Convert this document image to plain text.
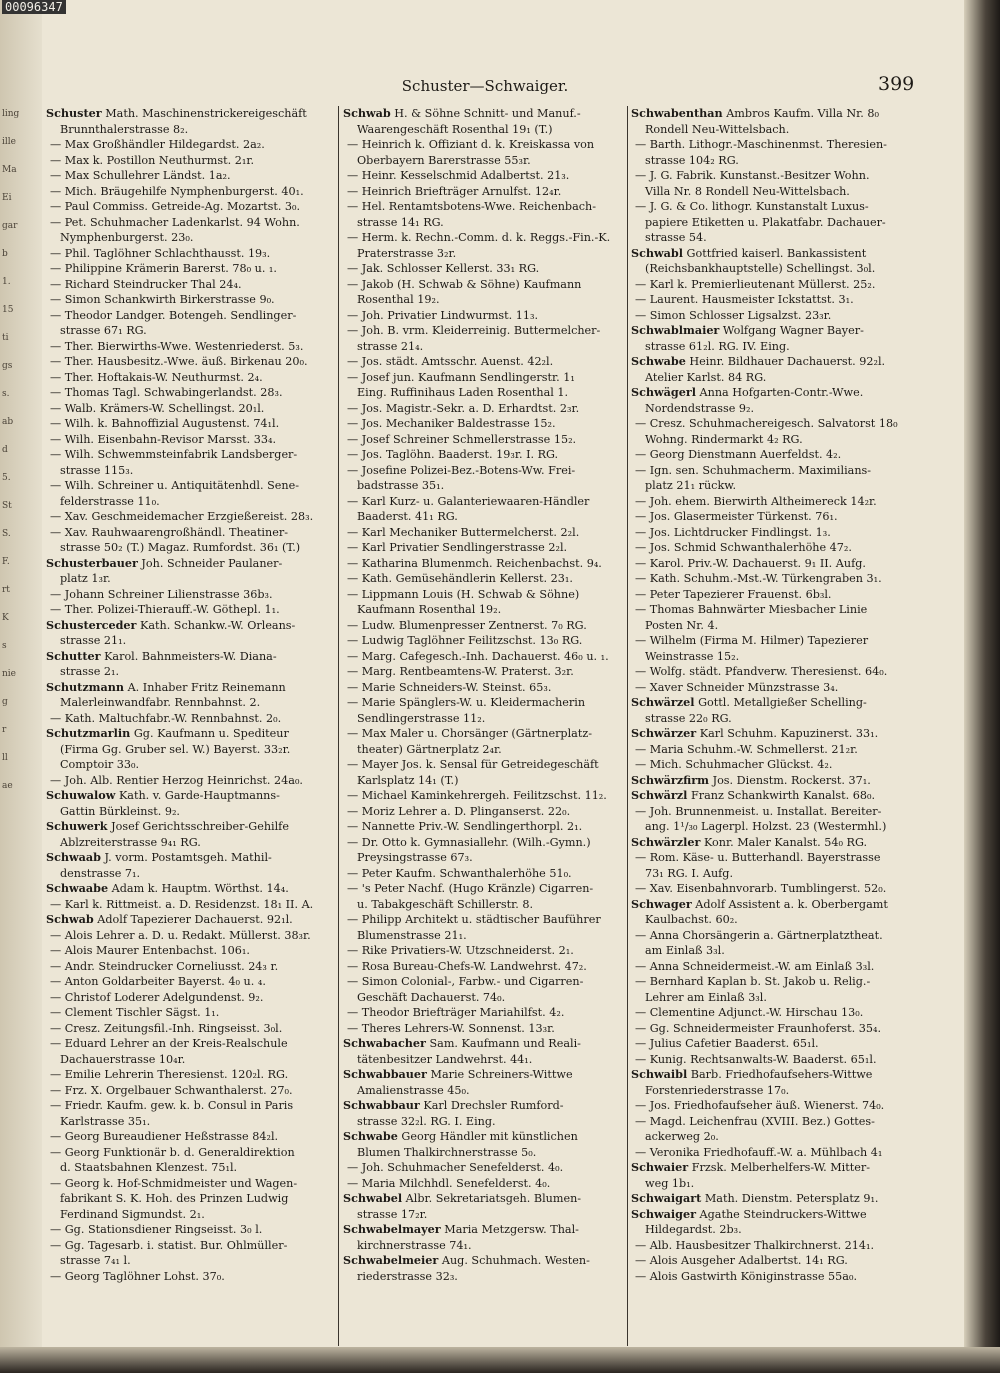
00096347
ling
ille
Ma
Ei
gar
b
1.
15
ti
gs
s.
ab
d
5.
St
S.
F.
rt
K
s
nie
g
r
ll
ae
Schuster—Schwaiger.	399

Schuster Math. Maschinenstrickereigeschäft

Brunnthalerstrasse 8₂.

— Max Großhändler Hildegardst. 2a₂.

— Max k. Postillon Neuthurmst. 2₁r.

— Max Schullehrer Ländst. 1a₂.

— Mich. Bräugehilfe Nymphenburgerst. 40₁.

— Paul Commiss. Getreide-Ag. Mozartst. 3₀.

— Pet. Schuhmacher Ladenkarlst. 94 Wohn.

Nymphenburgerst. 23₀.

— Phil. Taglöhner Schlachthausst. 19₃.

— Philippine Krämerin Barerst. 78₀ u. ₁.

— Richard Steindrucker Thal 24₄.

— Simon Schankwirth Birkerstrasse 9₀.

— Theodor Landger. Botengeh. Sendlinger-

strasse 67₁ RG.

— Ther. Bierwirths-Wwe. Westenriederst. 5₃.

— Ther. Hausbesitz.-Wwe. äuß. Birkenau 20₀.

— Ther. Hoftakais-W. Neuthurmst. 2₄.

— Thomas Tagl. Schwabingerlandst. 28₃.

— Walb. Krämers-W. Schellingst. 20₁l.

— Wilh. k. Bahnoffizial Augustenst. 74₁l.

— Wilh. Eisenbahn-Revisor Marsst. 33₄.

— Wilh. Schwemmsteinfabrik Landsberger-

strasse 115₃.

— Wilh. Schreiner u. Antiquitätenhdl. Sene-

felderstrasse 11₀.

— Xav. Geschmeidemacher Erzgießereist. 28₃.

— Xav. Rauhwaarengroßhändl. Theatiner-

strasse 50₂ (T.) Magaz. Rumfordst. 36₁ (T.)

Schusterbauer Joh. Schneider Paulaner-

platz 1₃r.

— Johann Schreiner Lilienstrasse 36b₃.

— Ther. Polizei-Thierauff.-W. Göthepl. 1₁.

Schusterceder Kath. Schankw.-W. Orleans-

strasse 21₁.

Schutter Karol. Bahnmeisters-W. Diana-

strasse 2₁.

Schutzmann A. Inhaber Fritz Reinemann

Malerleinwandfabr. Rennbahnst. 2.

— Kath. Maltuchfabr.-W. Rennbahnst. 2₀.

Schutzmarlin Gg. Kaufmann u. Spediteur

(Firma Gg. Gruber sel. W.) Bayerst. 33₂r.

Comptoir 33₀.

— Joh. Alb. Rentier Herzog Heinrichst. 24a₀.

Schuwalow Kath. v. Garde-Hauptmanns-

Gattin Bürkleinst. 9₂.

Schuwerk Josef Gerichtsschreiber-Gehilfe

Ablzreiterstrasse 9₄₁ RG.

Schwaab J. vorm. Postamtsgeh. Mathil-

denstrasse 7₁.

Schwaabe Adam k. Hauptm. Wörthst. 14₄.

— Karl k. Rittmeist. a. D. Residenzst. 18₁ II. A.

Schwab Adolf Tapezierer Dachauerst. 92₁l.

— Alois Lehrer a. D. u. Redakt. Müllerst. 38₃r.

— Alois Maurer Entenbachst. 106₁.

— Andr. Steindrucker Corneliusst. 24₃ r.

— Anton Goldarbeiter Bayerst. 4₀ u. ₄.

— Christof Loderer Adelgundenst. 9₂.

— Clement Tischler Sägst. 1₁.

— Cresz. Zeitungsfil.-Inh. Ringseisst. 3₀l.

— Eduard Lehrer an der Kreis-Realschule

Dachauerstrasse 10₄r.

— Emilie Lehrerin Theresienst. 120₂l. RG.

— Frz. X. Orgelbauer Schwanthalerst. 27₀.

— Friedr. Kaufm. gew. k. b. Consul in Paris

Karlstrasse 35₁.

— Georg Bureaudiener Heßstrasse 84₂l.

— Georg Funktionär b. d. Generaldirektion

d. Staatsbahnen Klenzest. 75₁l.

— Georg k. Hof-Schmidmeister und Wagen-

fabrikant S. K. Hoh. des Prinzen Ludwig

Ferdinand Sigmundst. 2₁.

— Gg. Stationsdiener Ringseisst. 3₀ l.

— Gg. Tagesarb. i. statist. Bur. Ohlmüller-

strasse 7₄₁ l.

— Georg Taglöhner Lohst. 37₀.

Schwab H. & Söhne Schnitt- und Manuf.-

Waarengeschäft Rosenthal 19₁ (T.)

— Heinrich k. Offiziant d. k. Kreiskassa von

Oberbayern Barerstrasse 55₃r.

— Heinr. Kesselschmid Adalbertst. 21₃.

— Heinrich Briefträger Arnulfst. 12₄r.

— Hel. Rentamtsbotens-Wwe. Reichenbach-

strasse 14₁ RG.

— Herm. k. Rechn.-Comm. d. k. Reggs.-Fin.-K.

Praterstrasse 3₂r.

— Jak. Schlosser Kellerst. 33₁ RG.

— Jakob (H. Schwab & Söhne) Kaufmann

Rosenthal 19₂.

— Joh. Privatier Lindwurmst. 11₃.

— Joh. B. vrm. Kleiderreinig. Buttermelcher-

strasse 21₄.

— Jos. städt. Amtsschr. Auenst. 42₂l.

— Josef jun. Kaufmann Sendlingerstr. 1₁

Eing. Ruffinihaus Laden Rosenthal 1.

— Jos. Magistr.-Sekr. a. D. Erhardtst. 2₃r.

— Jos. Mechaniker Baldestrasse 15₂.

— Josef Schreiner Schmellerstrasse 15₂.

— Jos. Taglöhn. Baaderst. 19₃r. I. RG.

— Josefine Polizei-Bez.-Botens-Ww. Frei-

badstrasse 35₁.

— Karl Kurz- u. Galanteriewaaren-Händler

Baaderst. 41₁ RG.

— Karl Mechaniker Buttermelcherst. 2₂l.

— Karl Privatier Sendlingerstrasse 2₂l.

— Katharina Blumenmch. Reichenbachst. 9₄.

— Kath. Gemüsehändlerin Kellerst. 23₁.

— Lippmann Louis (H. Schwab & Söhne)

Kaufmann Rosenthal 19₂.

— Ludw. Blumenpresser Zentnerst. 7₀ RG.

— Ludwig Taglöhner Feilitzschst. 13₀ RG.

— Marg. Cafegesch.-Inh. Dachauerst. 46₀ u. ₁.

— Marg. Rentbeamtens-W. Praterst. 3₂r.

— Marie Schneiders-W. Steinst. 65₃.

— Marie Spänglers-W. u. Kleidermacherin

Sendlingerstrasse 11₂.

— Max Maler u. Chorsänger (Gärtnerplatz-

theater) Gärtnerplatz 2₄r.

— Mayer Jos. k. Sensal für Getreidegeschäft

Karlsplatz 14₁ (T.)

— Michael Kaminkehrergeh. Feilitzschst. 11₂.

— Moriz Lehrer a. D. Plinganserst. 22₀.

— Nannette Priv.-W. Sendlingerthorpl. 2₁.

— Dr. Otto k. Gymnasiallehr. (Wilh.-Gymn.)

Preysingstrasse 67₃.

— Peter Kaufm. Schwanthalerhöhe 51₀.

— 's Peter Nachf. (Hugo Kränzle) Cigarren-

u. Tabakgeschäft Schillerstr. 8.

— Philipp Architekt u. städtischer Bauführer

Blumenstrasse 21₁.

— Rike Privatiers-W. Utzschneiderst. 2₁.

— Rosa Bureau-Chefs-W. Landwehrst. 47₂.

— Simon Colonial-, Farbw.- und Cigarren-

Geschäft Dachauerst. 74₀.

— Theodor Briefträger Mariahilfst. 4₂.

— Theres Lehrers-W. Sonnenst. 13₃r.

Schwabacher Sam. Kaufmann und Reali-

tätenbesitzer Landwehrst. 44₁.

Schwabbauer Marie Schreiners-Wittwe

Amalienstrasse 45₀.

Schwabbaur Karl Drechsler Rumford-

strasse 32₂l. RG. I. Eing.

Schwabe Georg Händler mit künstlichen

Blumen Thalkirchnerstrasse 5₀.

— Joh. Schuhmacher Senefelderst. 4₀.

— Maria Milchhdl. Senefelderst. 4₀.

Schwabel Albr. Sekretariatsgeh. Blumen-

strasse 17₂r.

Schwabelmayer Maria Metzgersw. Thal-

kirchnerstrasse 74₁.

Schwabelmeier Aug. Schuhmach. Westen-

riederstrasse 32₃.

Schwabenthan Ambros Kaufm. Villa Nr. 8₀

Rondell Neu-Wittelsbach.

— Barth. Lithogr.-Maschinenmst. Theresien-

strasse 104₂ RG.

— J. G. Fabrik. Kunstanst.-Besitzer Wohn.

Villa Nr. 8 Rondell Neu-Wittelsbach.

— J. G. & Co. lithogr. Kunstanstalt Luxus-

papiere Etiketten u. Plakatfabr. Dachauer-

strasse 54.

Schwabl Gottfried kaiserl. Bankassistent

(Reichsbankhauptstelle) Schellingst. 3₀l.

— Karl k. Premierlieutenant Müllerst. 25₂.

— Laurent. Hausmeister Ickstattst. 3₁.

— Simon Schlosser Ligsalzst. 23₃r.

Schwablmaier Wolfgang Wagner Bayer-

strasse 61₂l. RG. IV. Eing.

Schwabe Heinr. Bildhauer Dachauerst. 92₂l.

Atelier Karlst. 84 RG.

Schwägerl Anna Hofgarten-Contr.-Wwe.

Nordendstrasse 9₂.

— Cresz. Schuhmachereigesch. Salvatorst 18₀

Wohng. Rindermarkt 4₂ RG.

— Georg Dienstmann Auerfeldst. 4₂.

— Ign. sen. Schuhmacherm. Maximilians-

platz 21₁ rückw.

— Joh. ehem. Bierwirth Altheimereck 14₂r.

— Jos. Glasermeister Türkenst. 76₁.

— Jos. Lichtdrucker Findlingst. 1₃.

— Jos. Schmid Schwanthalerhöhe 47₂.

— Karol. Priv.-W. Dachauerst. 9₁ II. Aufg.

— Kath. Schuhm.-Mst.-W. Türkengraben 3₁.

— Peter Tapezierer Frauenst. 6b₃l.

— Thomas Bahnwärter Miesbacher Linie

Posten Nr. 4.

— Wilhelm (Firma M. Hilmer) Tapezierer

Weinstrasse 15₂.

— Wolfg. städt. Pfandverw. Theresienst. 64₀.

— Xaver Schneider Münzstrasse 3₄.

Schwärzel Gottl. Metallgießer Schelling-

strasse 22₀ RG.

Schwärzer Karl Schuhm. Kapuzinerst. 33₁.

— Maria Schuhm.-W. Schmellerst. 21₂r.

— Mich. Schuhmacher Glückst. 4₂.

Schwärzfirm Jos. Dienstm. Rockerst. 37₁.

Schwärzl Franz Schankwirth Kanalst. 68₀.

— Joh. Brunnenmeist. u. Installat. Bereiter-

ang. 1¹/₃₀ Lagerpl. Holzst. 23 (Westermhl.)

Schwärzler Konr. Maler Kanalst. 54₀ RG.

— Rom. Käse- u. Butterhandl. Bayerstrasse

73₁ RG. I. Aufg.

— Xav. Eisenbahnvorarb. Tumblingerst. 52₀.

Schwager Adolf Assistent a. k. Oberbergamt

Kaulbachst. 60₂.

— Anna Chorsängerin a. Gärtnerplatztheat.

am Einlaß 3₃l.

— Anna Schneidermeist.-W. am Einlaß 3₃l.

— Bernhard Kaplan b. St. Jakob u. Relig.-

Lehrer am Einlaß 3₃l.

— Clementine Adjunct.-W. Hirschau 13₀.

— Gg. Schneidermeister Fraunhoferst. 35₄.

— Julius Cafetier Baaderst. 65₁l.

— Kunig. Rechtsanwalts-W. Baaderst. 65₁l.

Schwaibl Barb. Friedhofaufsehers-Wittwe

Forstenriederstrasse 17₀.

— Jos. Friedhofaufseher äuß. Wienerst. 74₀.

— Magd. Leichenfrau (XVIII. Bez.) Gottes-

ackerweg 2₀.

— Veronika Friedhofauff.-W. a. Mühlbach 4₁

Schwaier Frzsk. Melberhelfers-W. Mitter-

weg 1b₁.

Schwaigart Math. Dienstm. Petersplatz 9₁.

Schwaiger Agathe Steindruckers-Wittwe

Hildegardst. 2b₃.

— Alb. Hausbesitzer Thalkirchnerst. 214₁.

— Alois Ausgeher Adalbertst. 14₁ RG.

— Alois Gastwirth Königinstrasse 55a₀.
